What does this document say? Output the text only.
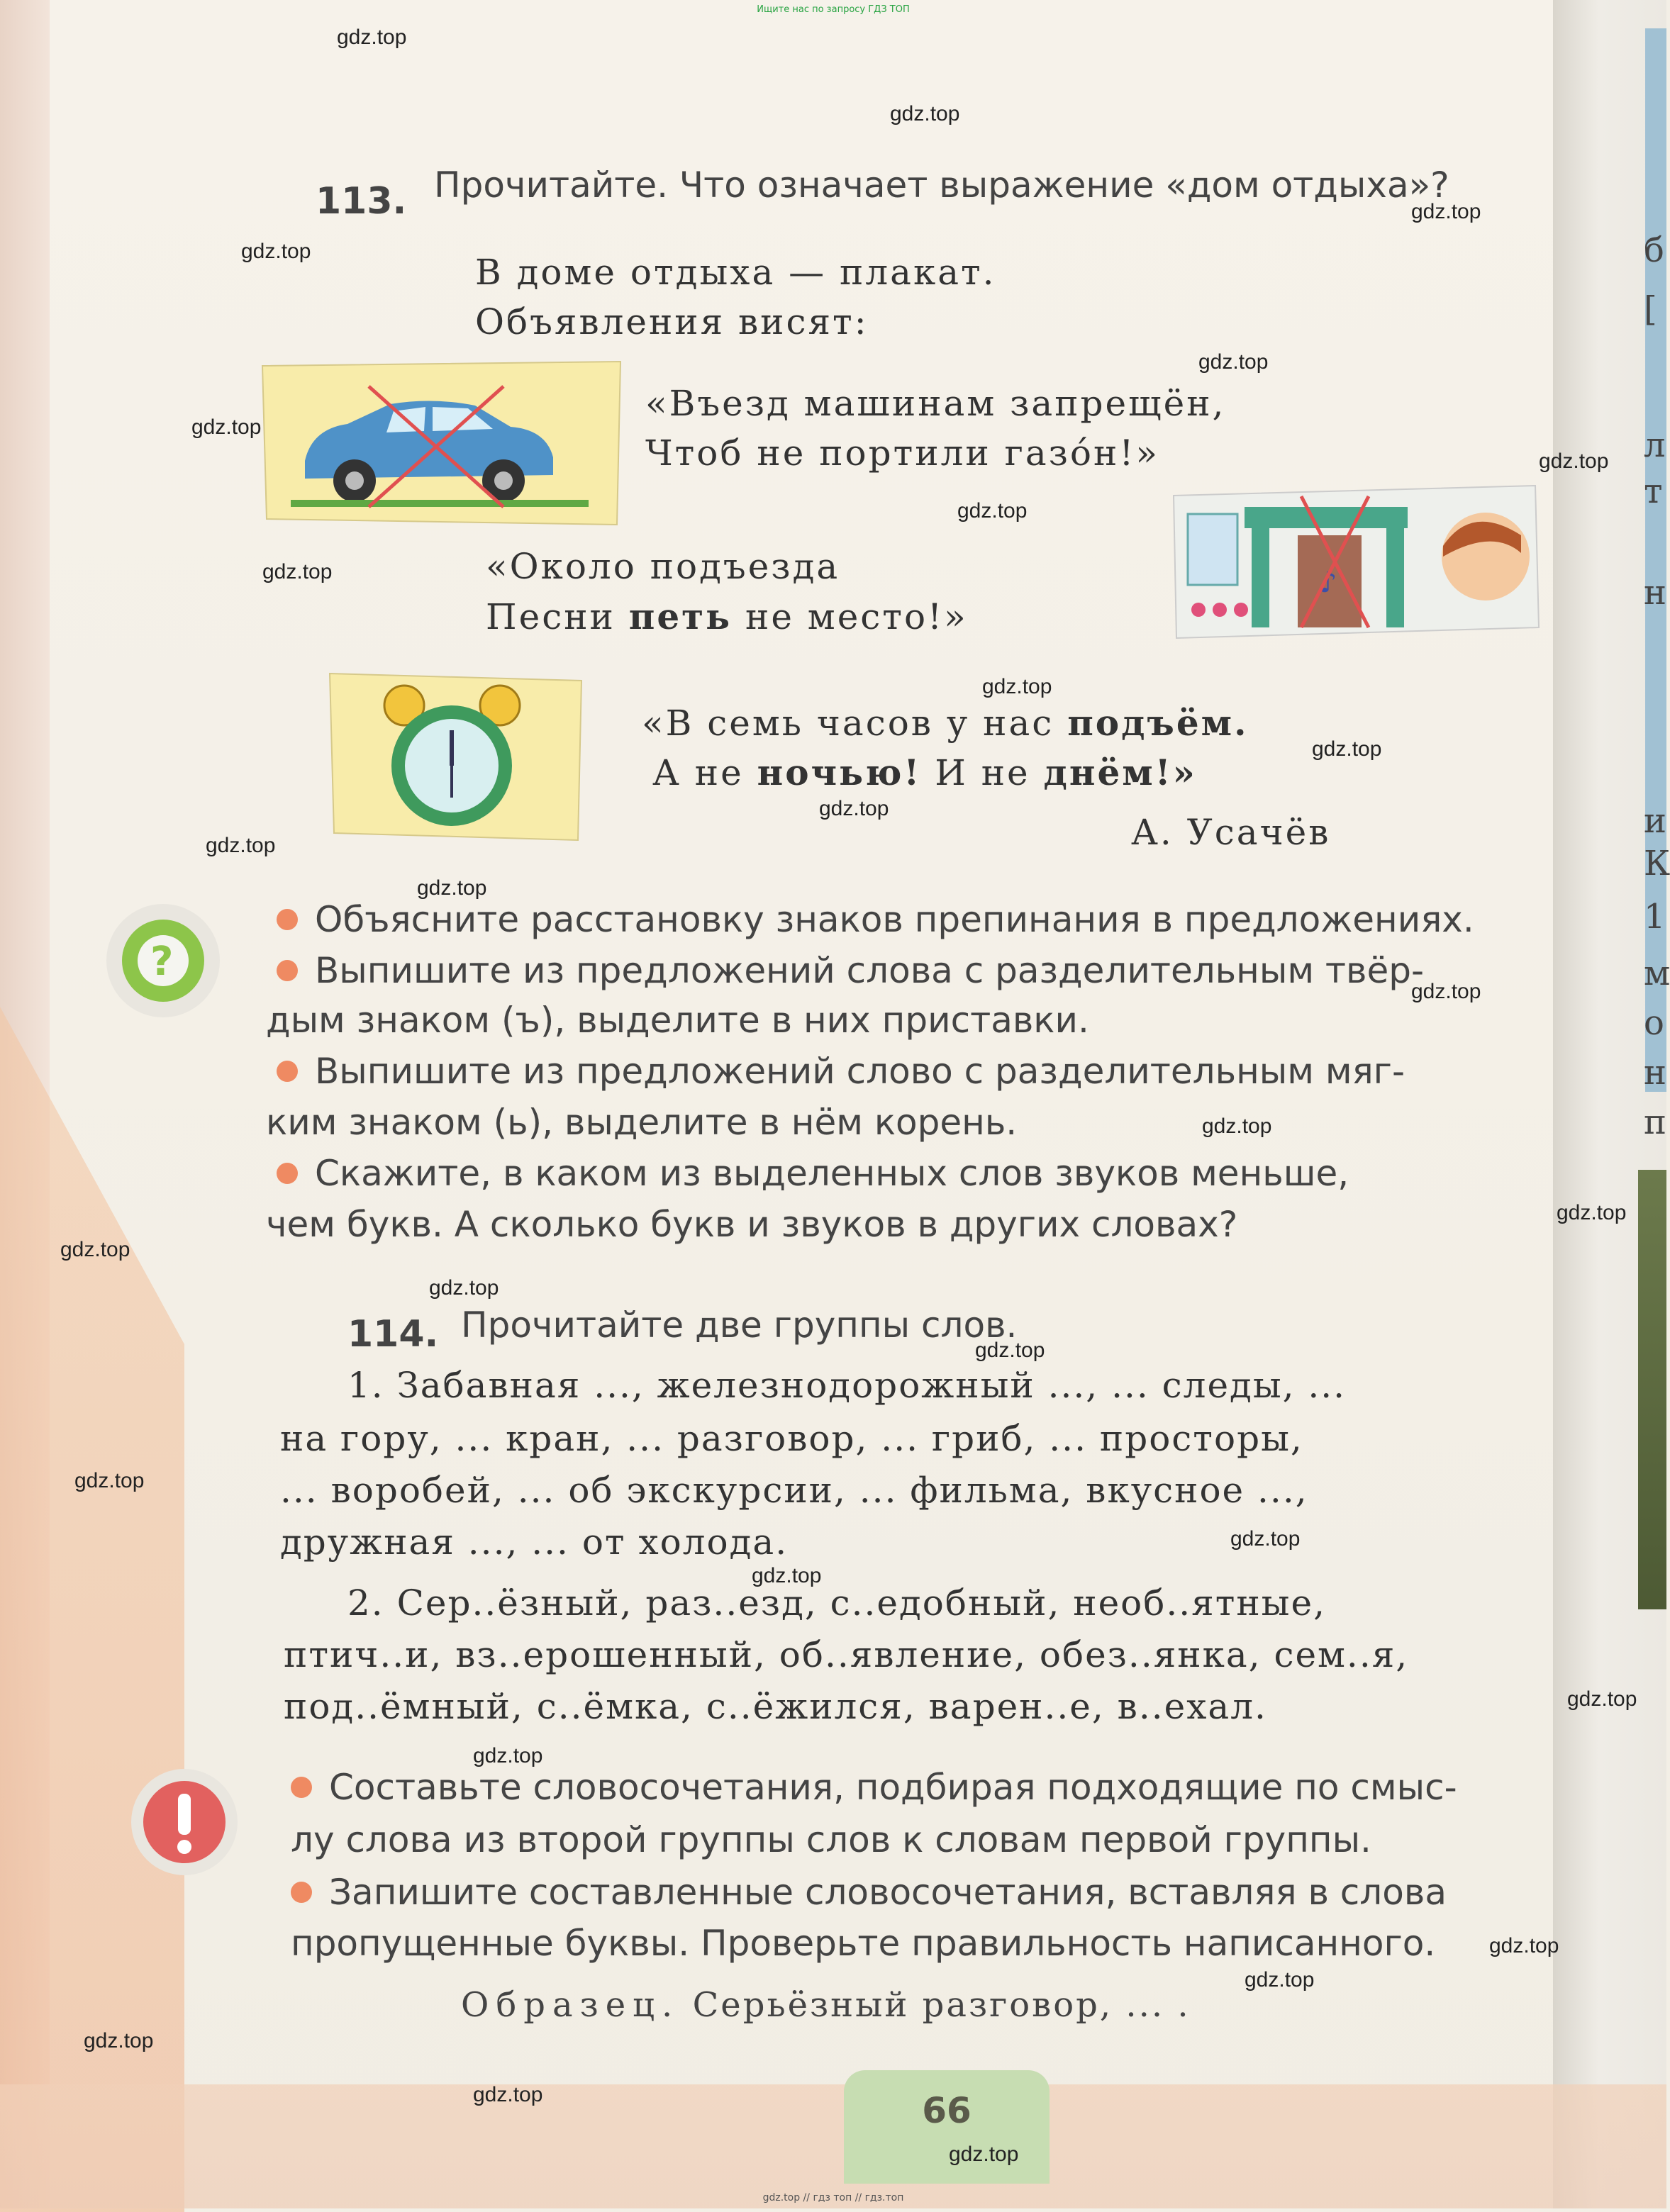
Ищите нас по запросу ГДЗ ТОП
113. Прочитайте. Что означает выражение «дом отдыха»?
В доме отдыха — плакат.
Объявления висят:
«Въезд машинам запрещён,
Чтоб не портили газо́н!»
♪
«Около подъезда
Песни петь не место!»
«В семь часов у нас подъём.
А не ночью! И не днём!»
А. Усачёв
?
Объясните расстановку знаков препинания в предложениях.
Выпишите из предложений слова с разделительным твёр-
дым знаком (ъ), выделите в них приставки.
Выпишите из предложений слово с разделительным мяг-
ким знаком (ь), выделите в нём корень.
Скажите, в каком из выделенных слов звуков меньше,
чем букв. А сколько букв и звуков в других словах?
114. Прочитайте две группы слов.
1. Забавная ..., железнодорожный ..., ... следы, ...
на гору, ... кран, ... разговор, ... гриб, ... просторы,
... воробей, ... об экскурсии, ... фильма, вкусное ...,
дружная ..., ... от холода.
2. Сер..ёзный, раз..езд, с..едобный, необ..ятные,
птич..и, вз..ерошенный, об..явление, обез..янка, сем..я,
под..ёмный, с..ёмка, с..ёжился, варен..е, в..ехал.
Составьте словосочетания, подбирая подходящие по смыс-
лу слова из второй группы слов к словам первой группы.
Запишите составленные словосочетания, вставляя в слова
пропущенные буквы. Проверьте правильность написанного.
Образец. Серьёзный разговор, ... .
66
б
[
л
т
н
и
К
1
м
о
н
п
gdz.top
gdz.top
gdz.top
gdz.top
gdz.top
gdz.top
gdz.top
gdz.top
gdz.top
gdz.top
gdz.top
gdz.top
gdz.top
gdz.top
gdz.top
gdz.top
gdz.top
gdz.top
gdz.top
gdz.top
gdz.top
gdz.top
gdz.top
gdz.top
gdz.top
gdz.top
gdz.top
gdz.top
gdz.top
gdz.top
gdz.top // гдз топ // гдз.топ
